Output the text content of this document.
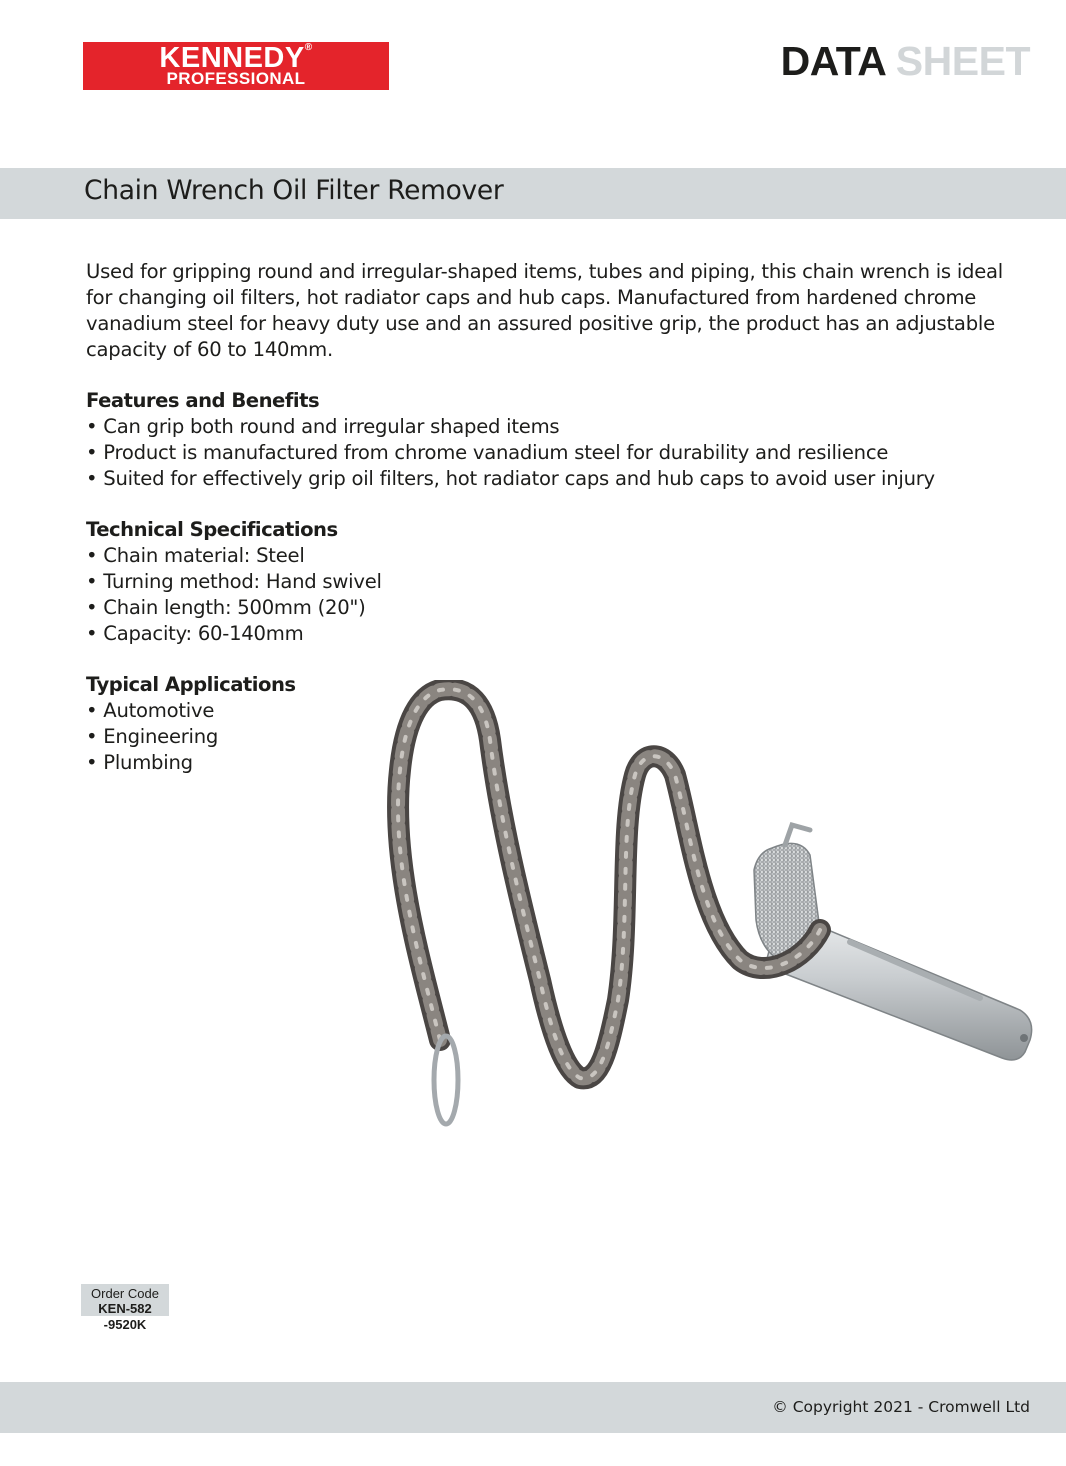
KENNEDY®
PROFESSIONAL	DATA SHEET
Chain Wrench Oil Filter Remover

Used for gripping round and irregular-shaped items, tubes and piping, this chain wrench is ideal for changing oil filters, hot radiator caps and hub caps. Manufactured from hardened chrome vanadium steel for heavy duty use and an assured positive grip, the product has an adjustable capacity of 60 to 140mm.

Features and Benefits
• Can grip both round and irregular shaped items
• Product is manufactured from chrome vanadium steel for durability and resilience
• Suited for effectively grip oil filters, hot radiator caps and hub caps to avoid user injury
Technical Specifications
• Chain material: Steel
• Turning method: Hand swivel
• Chain length: 500mm (20")
• Capacity: 60-140mm
Typical Applications
• Automotive
• Engineering
• Plumbing
Order Code
KEN-582
-9520K
© Copyright 2021 - Cromwell Ltd
